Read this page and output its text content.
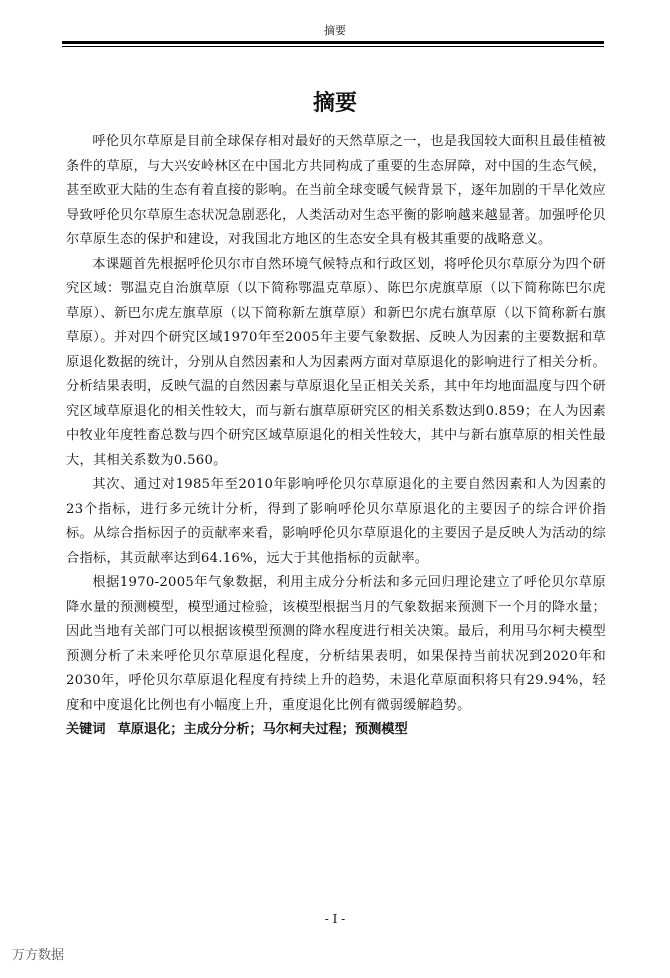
摘要
摘要

呼伦贝尔草原是目前全球保存相对最好的天然草原之一，也是我国较大面积且最佳植被条件的草原，与大兴安岭林区在中国北方共同构成了重要的生态屏障，对中国的生态气候，甚至欧亚大陆的生态有着直接的影响。在当前全球变暖气候背景下，逐年加剧的干旱化效应导致呼伦贝尔草原生态状况急剧恶化，人类活动对生态平衡的影响越来越显著。加强呼伦贝尔草原生态的保护和建设，对我国北方地区的生态安全具有极其重要的战略意义。

本课题首先根据呼伦贝尔市自然环境气候特点和行政区划，将呼伦贝尔草原分为四个研究区域：鄂温克自治旗草原（以下简称鄂温克草原）、陈巴尔虎旗草原（以下简称陈巴尔虎草原）、新巴尔虎左旗草原（以下简称新左旗草原）和新巴尔虎右旗草原（以下简称新右旗草原）。并对四个研究区域1970年至2005年主要气象数据、反映人为因素的主要数据和草原退化数据的统计，分别从自然因素和人为因素两方面对草原退化的影响进行了相关分析。分析结果表明，反映气温的自然因素与草原退化呈正相关关系，其中年均地面温度与四个研究区域草原退化的相关性较大，而与新右旗草原研究区的相关系数达到0.859；在人为因素中牧业年度牲畜总数与四个研究区域草原退化的相关性较大，其中与新右旗草原的相关性最大，其相关系数为0.560。

其次、通过对1985年至2010年影响呼伦贝尔草原退化的主要自然因素和人为因素的23个指标，进行多元统计分析，得到了影响呼伦贝尔草原退化的主要因子的综合评价指标。从综合指标因子的贡献率来看，影响呼伦贝尔草原退化的主要因子是反映人为活动的综合指标，其贡献率达到64.16%，远大于其他指标的贡献率。

根据1970-2005年气象数据，利用主成分分析法和多元回归理论建立了呼伦贝尔草原降水量的预测模型，模型通过检验，该模型根据当月的气象数据来预测下一个月的降水量；因此当地有关部门可以根据该模型预测的降水程度进行相关决策。最后，利用马尔柯夫模型预测分析了未来呼伦贝尔草原退化程度，分析结果表明，如果保持当前状况到2020年和2030年，呼伦贝尔草原退化程度有持续上升的趋势，未退化草原面积将只有29.94%，轻度和中度退化比例也有小幅度上升，重度退化比例有微弱缓解趋势。

关键词 草原退化；主成分分析；马尔柯夫过程；预测模型

- I -
万方数据
